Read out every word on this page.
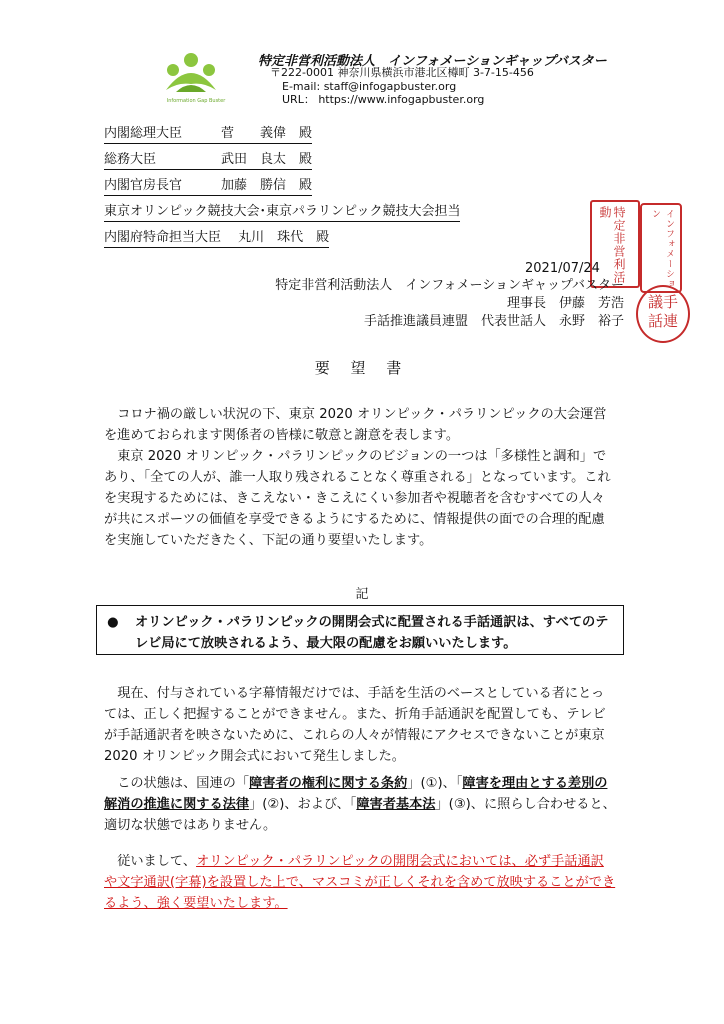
Information Gap Buster
特定非営利活動法人　インフォメーションギャップバスター
〒222-0001 神奈川県横浜市港北区樽町 3-7-15-456
E-mail: staff@infogapbuster.org
URL： https://www.infogapbuster.org
内閣総理大臣　　　菅　　義偉　殿
総務大臣　　　　　武田　良太　殿
内閣官房長官　　　加藤　勝信　殿
東京オリンピック競技大会･東京パラリンピック競技大会担当
内閣府特命担当大臣　 丸川　珠代　殿	特定非営利活動	インフォメーション
議手話連
2021/07/24
特定非営利活動法人　インフォメーションギャップバスター
理事長　伊藤　芳浩
手話推進議員連盟　代表世話人　永野　裕子
要 望 書

コロナ禍の厳しい状況の下、東京 2020 オリンピック・パラリンピックの大会運営を進めておられます関係者の皆様に敬意と謝意を表します。

東京 2020 オリンピック・パラリンピックのビジョンの一つは「多様性と調和」であり、「全ての人が、誰一人取り残されることなく尊重される」となっています。これを実現するためには、きこえない・きこえにくい参加者や視聴者を含むすべての人々が共にスポーツの価値を享受できるようにするために、情報提供の面での合理的配慮を実施していただきたく、下記の通り要望いたします。

記
●	オリンピック・パラリンピックの開閉会式に配置される手話通訳は、すべてのテレビ局にて放映されるよう、最大限の配慮をお願いいたします。

現在、付与されている字幕情報だけでは、手話を生活のベースとしている者にとっては、正しく把握することができません。また、折角手話通訳を配置しても、テレビが手話通訳者を映さないために、これらの人々が情報にアクセスできないことが東京 2020 オリンピック開会式において発生しました。

この状態は、国連の「障害者の権利に関する条約」(①)、「障害を理由とする差別の解消の推進に関する法律」(②)、および、「障害者基本法」(③)、に照らし合わせると、適切な状態ではありません。

従いまして、オリンピック・パラリンピックの開閉会式においては、必ず手話通訳や文字通訳(字幕)を設置した上で、マスコミが正しくそれを含めて放映することができるよう、強く要望いたします。
